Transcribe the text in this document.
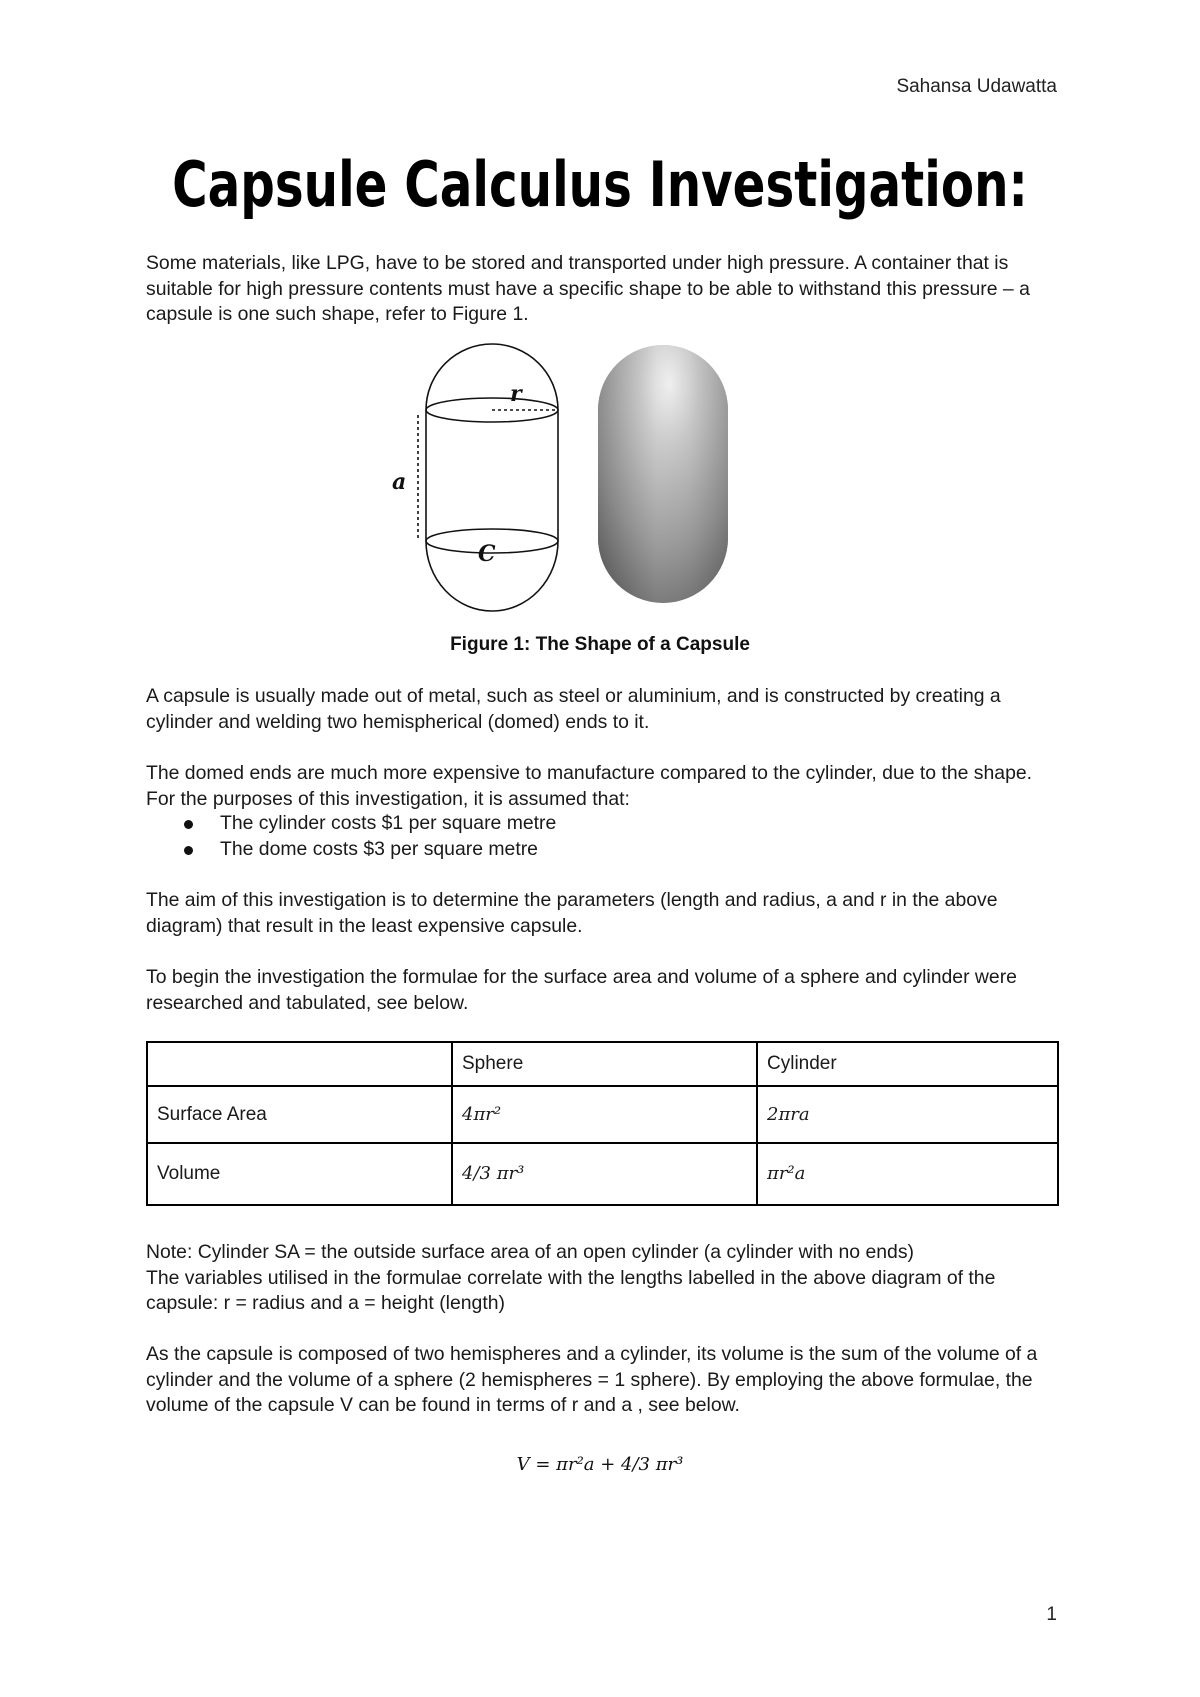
Sahansa Udawatta
Capsule Calculus Investigation:

Some materials, like LPG, have to be stored and transported under high pressure. A container that is suitable for high pressure contents must have a specific shape to be able to withstand this pressure – a capsule is one such shape, refer to Figure 1.

r
a
C
Figure 1: The Shape of a Capsule

A capsule is usually made out of metal, such as steel or aluminium, and is constructed by creating a cylinder and welding two hemispherical (domed) ends to it.

The domed ends are much more expensive to manufacture compared to the cylinder, due to the shape. For the purposes of this investigation, it is assumed that:

The cylinder costs $1 per square metre
The dome costs $3 per square metre

The aim of this investigation is to determine the parameters (length and radius, a and r in the above diagram) that result in the least expensive capsule.

To begin the investigation the formulae for the surface area and volume of a sphere and cylinder were researched and tabulated, see below.

	Sphere	Cylinder
Surface Area	4πr²	2πra
Volume	4/3 πr³	πr²a

Note: Cylinder SA = the outside surface area of an open cylinder (a cylinder with no ends)

The variables utilised in the formulae correlate with the lengths labelled in the above diagram of the capsule: r = radius and a = height (length)

As the capsule is composed of two hemispheres and a cylinder, its volume is the sum of the volume of a cylinder and the volume of a sphere (2 hemispheres = 1 sphere). By employing the above formulae, the volume of the capsule V can be found in terms of r and a , see below.

V = πr²a + 4/3 πr³
1
